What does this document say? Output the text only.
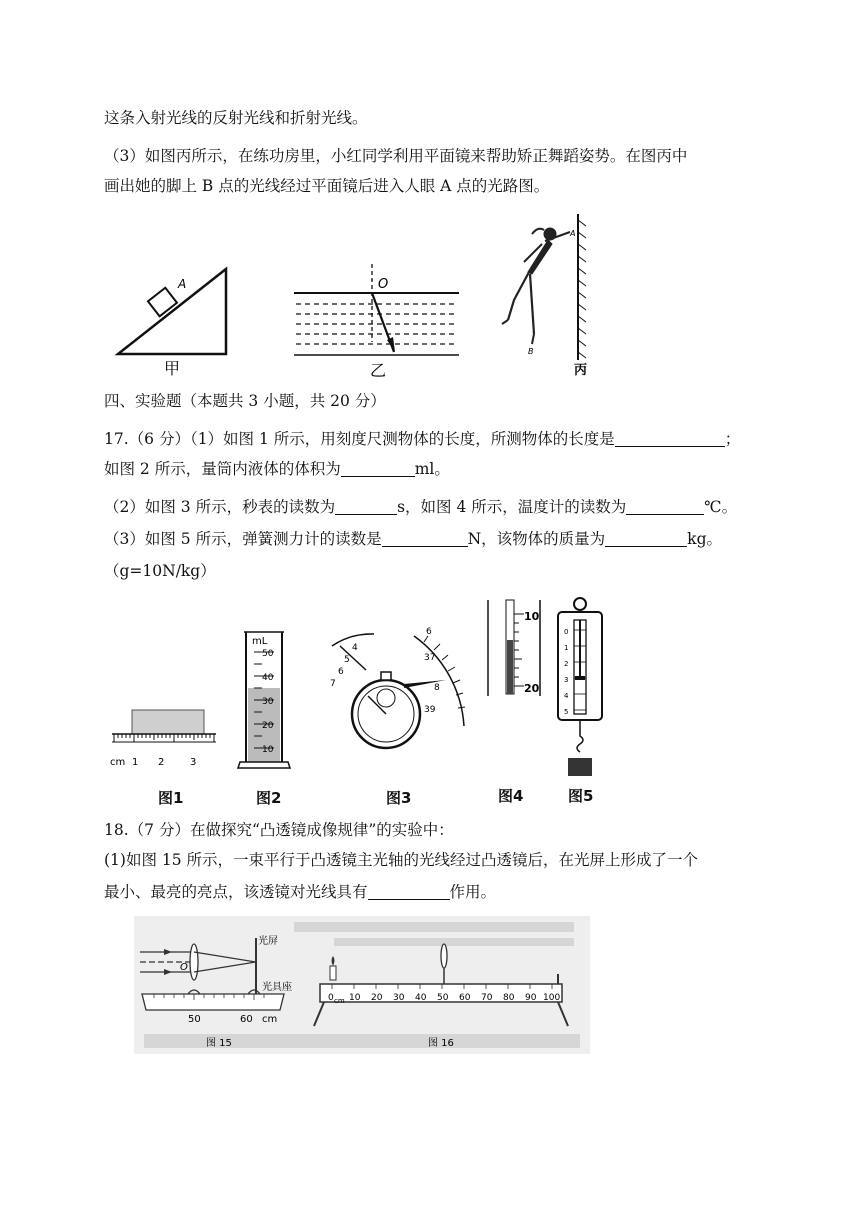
这条入射光线的反射光线和折射光线。
（3）如图丙所示，在练功房里，小红同学利用平面镜来帮助矫正舞蹈姿势。在图丙中
画出她的脚上 B 点的光线经过平面镜后进入人眼 A 点的光路图。
A
甲
O
乙
A
B
丙
四、实验题（本题共 3 小题，共 20 分）
17.（6 分）（1）如图 1 所示，用刻度尺测物体的长度，所测物体的长度是	；
如图 2 所示，量筒内液体的体积为	ml。
（2）如图 3 所示，秒表的读数为	s，如图 4 所示，温度计的读数为	℃。
（3）如图 5 所示，弹簧测力计的读数是	N，该物体的质量为	kg。
（g=10N/kg）
cm 1 2	3
mL
50
40
30
20
10
6
37
8
39
4
5
6
7
10
20
0
1
2
3
4
5
图1	图2	图3	图4	图5
18.（7 分）在做探究“凸透镜成像规律”的实验中：
(1)如图 15 所示，一束平行于凸透镜主光轴的光线经过凸透镜后，在光屏上形成了一个
最小、最亮的亮点，该透镜对光线具有	作用。
O
光屏
光具座
50	60 cm
图 15
0 cm 10 20 30 40 50 60 70 80 90 100
图 16
